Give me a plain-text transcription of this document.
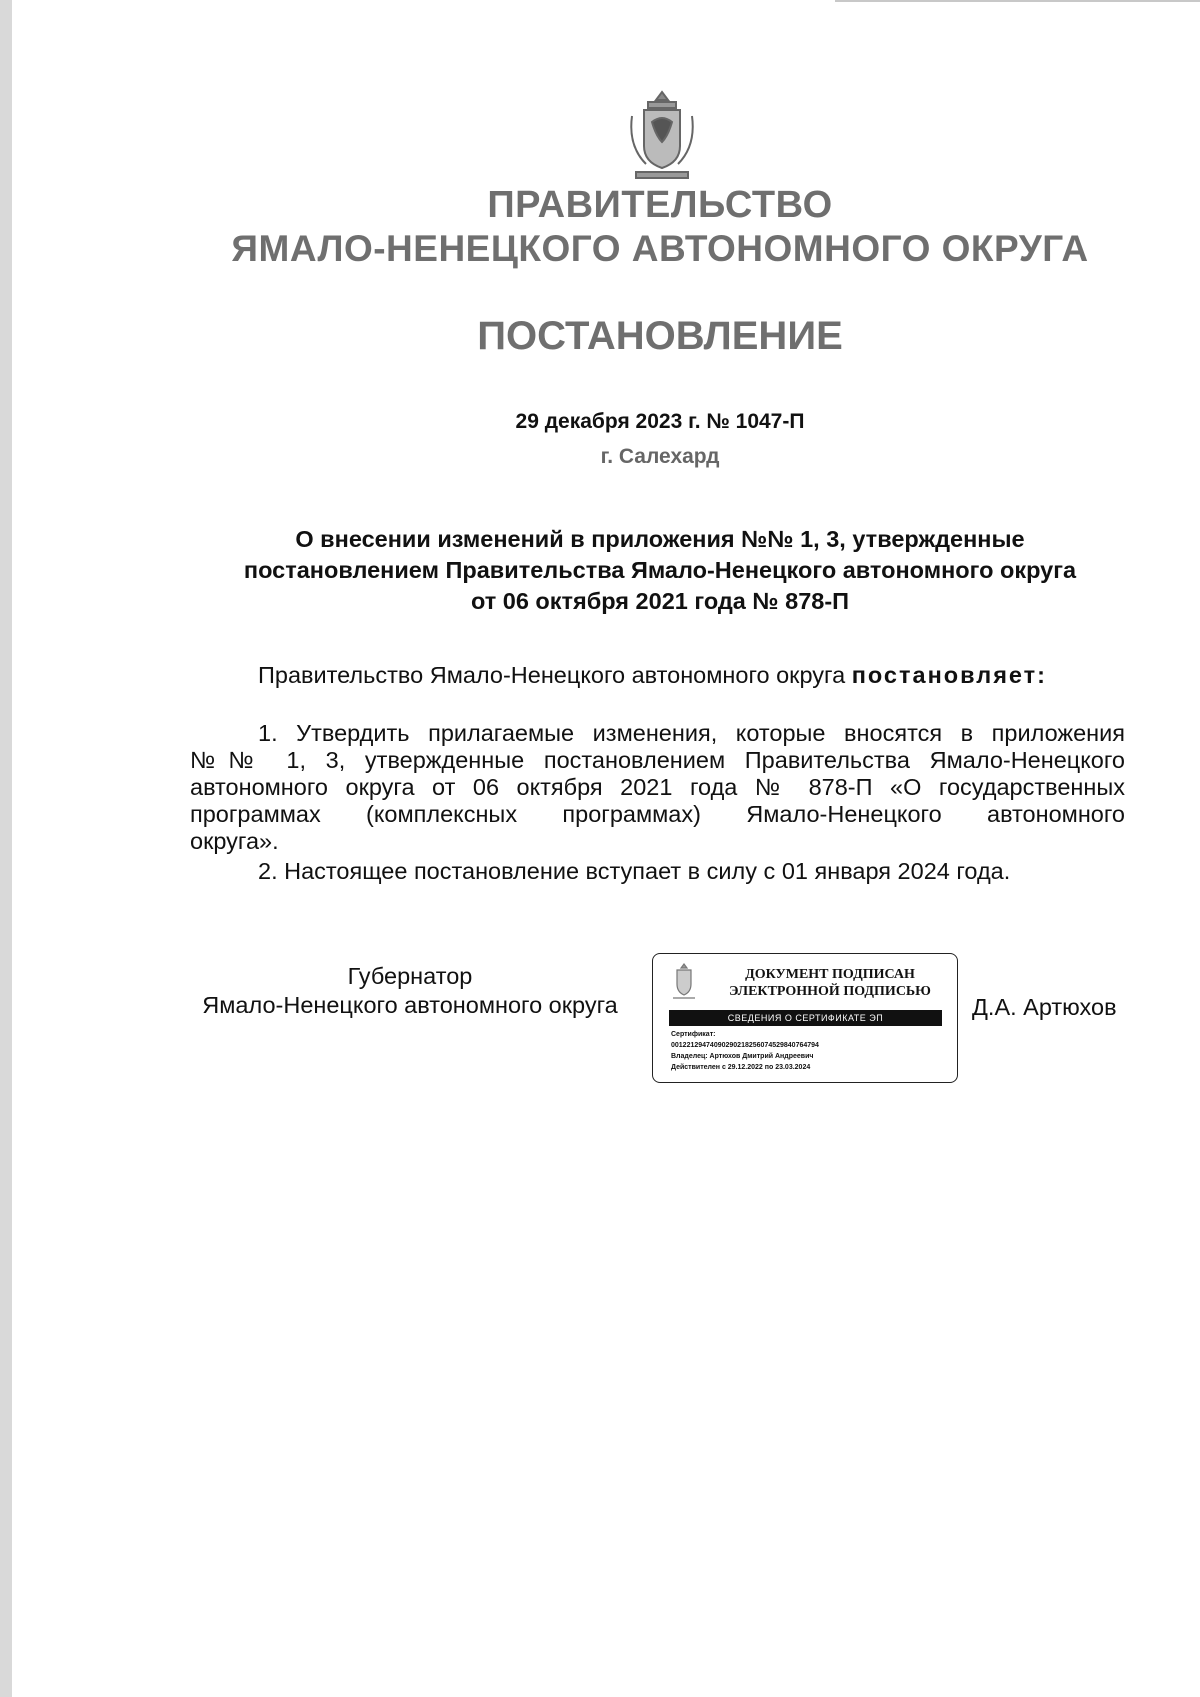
ПРАВИТЕЛЬСТВО
ЯМАЛО-НЕНЕЦКОГО АВТОНОМНОГО ОКРУГА
ПОСТАНОВЛЕНИЕ
29 декабря 2023 г. № 1047-П
г. Салехард
О внесении изменений в приложения №№ 1, 3, утвержденные
постановлением Правительства Ямало-Ненецкого автономного округа
от 06 октября 2021 года № 878-П
Правительство Ямало-Ненецкого автономного округа постановляет:
1. Утвердить прилагаемые изменения, которые вносятся в приложения
№№ 1, 3, утвержденные постановлением Правительства Ямало-Ненецкого
автономного округа от 06 октября 2021 года № 878-П «О государственных
программах (комплексных программах) Ямало-Ненецкого автономного
округа».
2. Настоящее постановление вступает в силу с 01 января 2024 года.
Губернатор
Ямало-Ненецкого автономного округа
ДОКУМЕНТ ПОДПИСАН
ЭЛЕКТРОННОЙ ПОДПИСЬЮ
СВЕДЕНИЯ О СЕРТИФИКАТЕ ЭП
Сертификат:
00122129474090290218256074529840764794
Владелец: Артюхов Дмитрий Андреевич
Действителен с 29.12.2022 по 23.03.2024
Д.А. Артюхов
